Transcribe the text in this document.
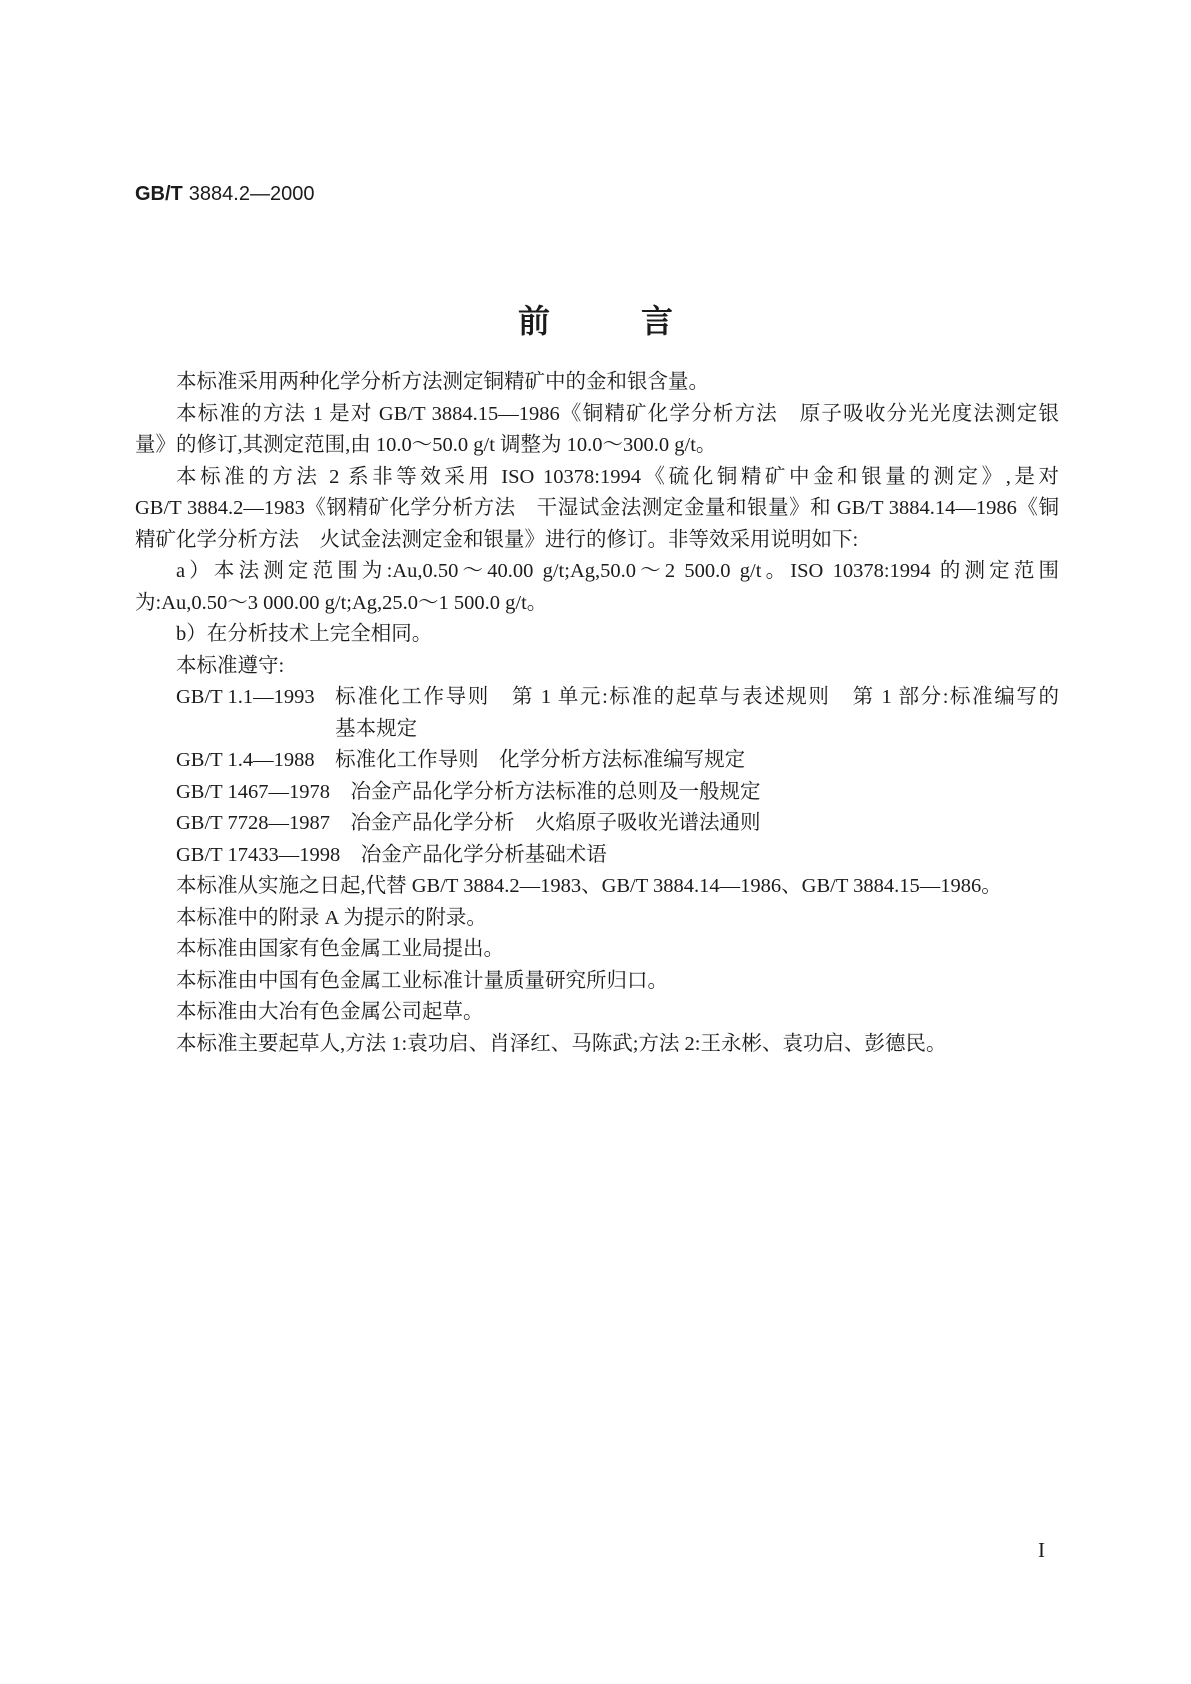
GB/T 3884.2—2000
前　　言
本标准采用两种化学分析方法测定铜精矿中的金和银含量。
本标准的方法 1 是对 GB/T 3884.15—1986《铜精矿化学分析方法　原子吸收分光光度法测定银
量》的修订,其测定范围,由 10.0～50.0 g/t 调整为 10.0～300.0 g/t。
本标准的方法 2 系非等效采用 ISO 10378:1994《硫化铜精矿中金和银量的测定》,是对
GB/T 3884.2—1983《钢精矿化学分析方法　干湿试金法测定金量和银量》和 GB/T 3884.14—1986《铜
精矿化学分析方法　火试金法测定金和银量》进行的修订。非等效采用说明如下:
a）本法测定范围为:Au,0.50～40.00 g/t;Ag,50.0～2 500.0 g/t。ISO 10378:1994 的测定范围
为:Au,0.50～3 000.00 g/t;Ag,25.0～1 500.0 g/t。
b）在分析技术上完全相同。
本标准遵守:
GB/T 1.1—1993 标准化工作导则　第 1 单元:标准的起草与表述规则　第 1 部分:标准编写的
基本规定
GB/T 1.4—1988 标准化工作导则　化学分析方法标准编写规定
GB/T 1467—1978 冶金产品化学分析方法标准的总则及一般规定
GB/T 7728—1987 冶金产品化学分析　火焰原子吸收光谱法通则
GB/T 17433—1998 冶金产品化学分析基础术语
本标准从实施之日起,代替 GB/T 3884.2—1983、GB/T 3884.14—1986、GB/T 3884.15—1986。
本标准中的附录 A 为提示的附录。
本标准由国家有色金属工业局提出。
本标准由中国有色金属工业标准计量质量研究所归口。
本标准由大冶有色金属公司起草。
本标准主要起草人,方法 1:袁功启、肖泽红、马陈武;方法 2:王永彬、袁功启、彭德民。
I
